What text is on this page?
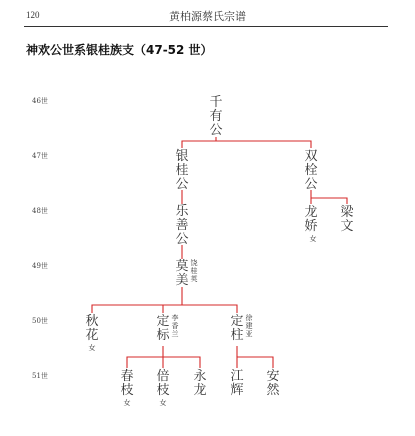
120	黄柏源蔡氏宗谱
神欢公世系银桂族支（47-52 世）
46世
47世
48世
49世
50世
51世
千
有
公
银
桂
公
双
栓
公
乐
善
公
龙
娇
女
梁
文
莫
美
饶桂英
秋
花
女
定
标
李香兰
定
柱
徐建亚
春
枝
女
倍
枝
女
永
龙
江
辉
安
然
